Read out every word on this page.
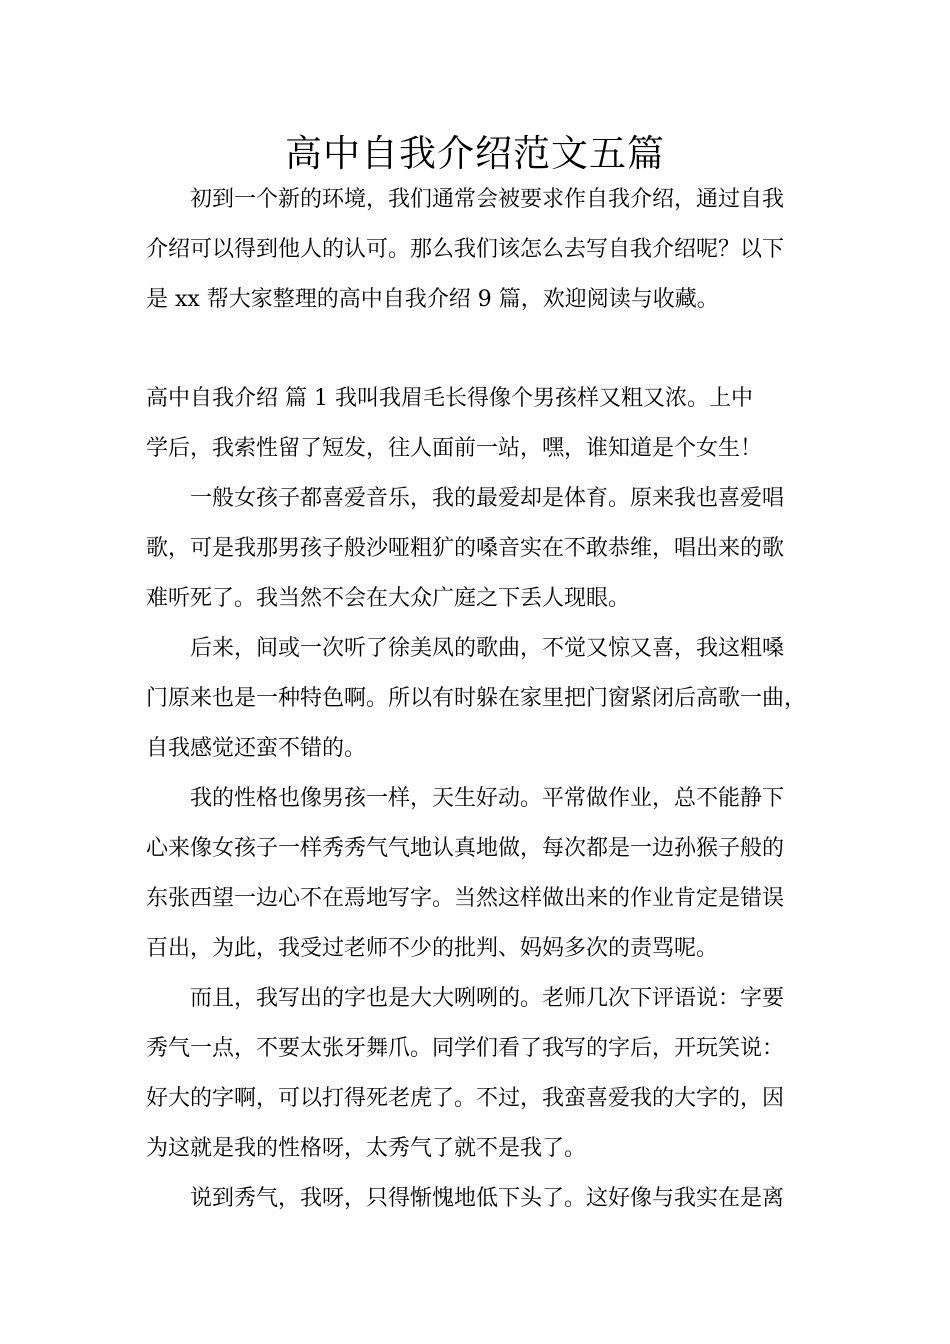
高中自我介绍范文五篇

初到一个新的环境，我们通常会被要求作自我介绍，通过自我

介绍可以得到他人的认可。那么我们该怎么去写自我介绍呢？以下

是 xx 帮大家整理的高中自我介绍 9 篇，欢迎阅读与收藏。

高中自我介绍 篇 1 我叫我眉毛长得像个男孩样又粗又浓。上中

学后，我索性留了短发，往人面前一站，嘿，谁知道是个女生！

一般女孩子都喜爱音乐，我的最爱却是体育。原来我也喜爱唱

歌，可是我那男孩子般沙哑粗犷的嗓音实在不敢恭维，唱出来的歌

难听死了。我当然不会在大众广庭之下丢人现眼。

后来，间或一次听了徐美凤的歌曲，不觉又惊又喜，我这粗嗓

门原来也是一种特色啊。所以有时躲在家里把门窗紧闭后高歌一曲，

自我感觉还蛮不错的。

我的性格也像男孩一样，天生好动。平常做作业，总不能静下

心来像女孩子一样秀秀气气地认真地做，每次都是一边孙猴子般的

东张西望一边心不在焉地写字。当然这样做出来的作业肯定是错误

百出，为此，我受过老师不少的批判、妈妈多次的责骂呢。

而且，我写出的字也是大大咧咧的。老师几次下评语说：字要

秀气一点，不要太张牙舞爪。同学们看了我写的字后，开玩笑说：

好大的字啊，可以打得死老虎了。不过，我蛮喜爱我的大字的，因

为这就是我的性格呀，太秀气了就不是我了。

说到秀气，我呀，只得惭愧地低下头了。这好像与我实在是离
